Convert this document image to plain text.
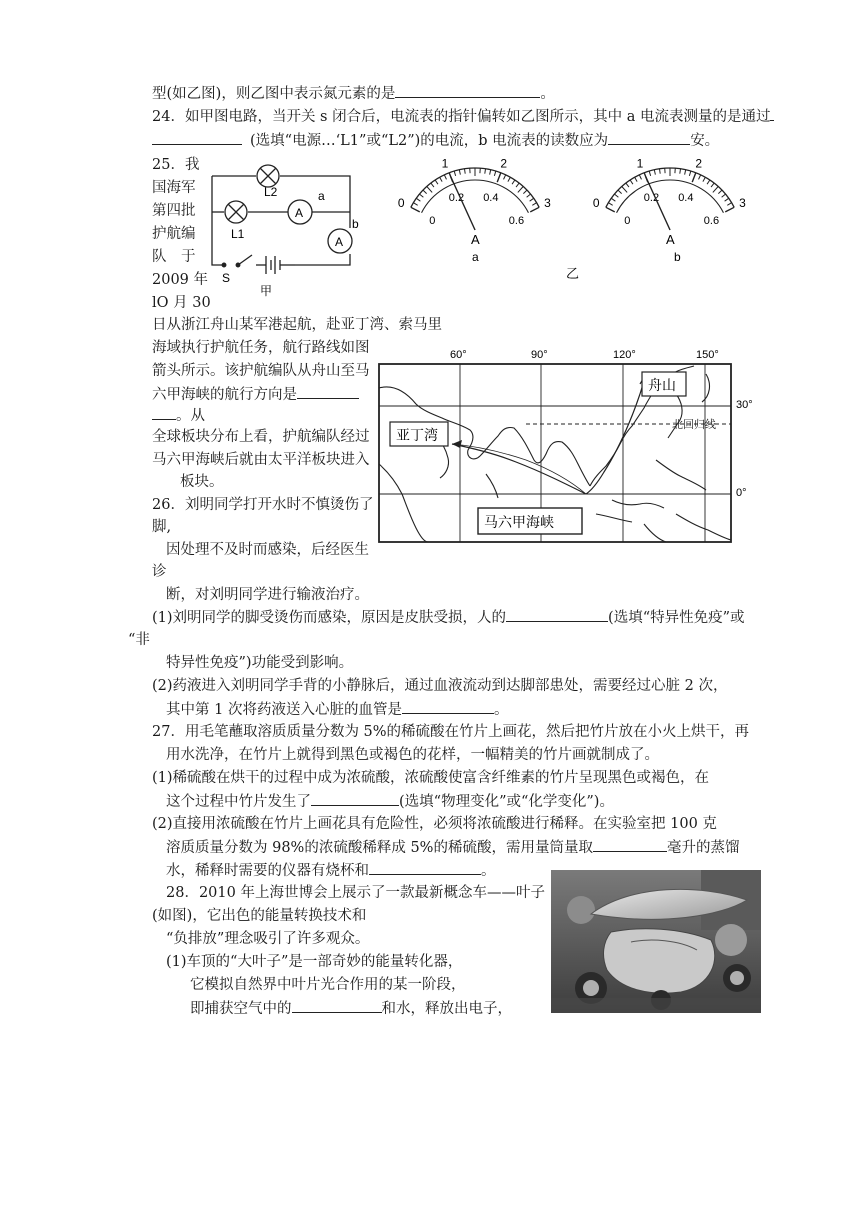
型(如乙图)，则乙图中表示氮元素的是	。
24．如甲图电路，当开关 s 闭合后，电流表的指针偏转如乙图所示，其中 a 电流表测量的是通过
(选填“电源…‘L1”或“L2”)的电流，b 电流表的读数应为	安。
25．我
国海军
第四批
护航编
队　于
2009 年
lO 月 30
日从浙江舟山某军港起航，赴亚丁湾、索马里
海域执行护航任务，航行路线如图
箭头所示。该护航编队从舟山至马
六甲海峡的航行方向是
。从
全球板块分布上看，护航编队经过
马六甲海峡后就由太平洋板块进入
板块。
26．刘明同学打开水时不慎烫伤了
脚,
因处理不及时而感染，后经医生
诊
断，对刘明同学进行输液治疗。
(1)刘明同学的脚受烫伤而感染，原因是皮肤受损，人的	(选填“特异性免疫”或
“非
特异性免疫”)功能受到影响。
(2)药液进入刘明同学手背的小静脉后，通过血液流动到达脚部患处，需要经过心脏 2 次，
其中第 1 次将药液送入心脏的血管是	。
27．用毛笔蘸取溶质质量分数为 5%的稀硫酸在竹片上画花，然后把竹片放在小火上烘干，再
用水洗净，在竹片上就得到黑色或褐色的花样，一幅精美的竹片画就制成了。
(1)稀硫酸在烘干的过程中成为浓硫酸，浓硫酸使富含纤维素的竹片呈现黑色或褐色，在
这个过程中竹片发生了	(选填“物理变化”或“化学变化”)。
(2)直接用浓硫酸在竹片上画花具有危险性，必须将浓硫酸进行稀释。在实验室把 100 克
溶质质量分数为 98%的浓硫酸稀释成 5%的稀硫酸，需用量筒量取	毫升的蒸馏
水，稀释时需要的仪器有烧杯和	。
28．2010 年上海世博会上展示了一款最新概念车——叶子
(如图)，它出色的能量转换技术和
“负排放”理念吸引了许多观众。
(1)车顶的“大叶子”是一部奇妙的能量转化器，
它模拟自然界中叶片光合作用的某一阶段，
即捕获空气中的	和水，释放出电子，
L2
L1
a
b
A
A
S
甲
0
1	2
3
0
0.2 0.4
0.6
A
0
1	2
3
0
0.2 0.4
0.6
A
a	b
乙
60°	90°	120°	150°
30°
0°
舟山
亚丁湾
马六甲海峡
北回归线
